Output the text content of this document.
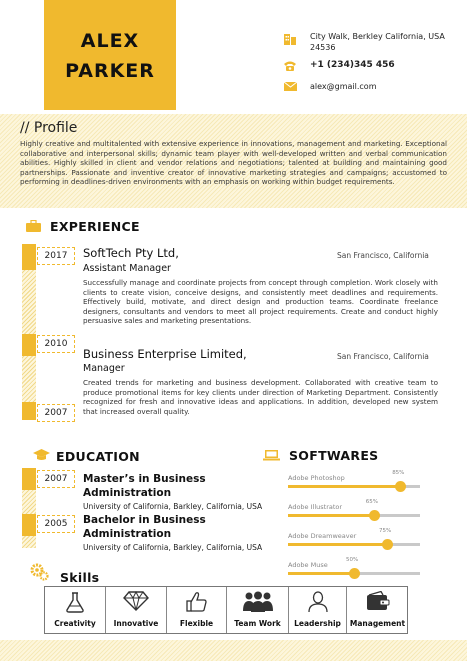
ALEX
PARKER
City Walk, Berkley California, USA
24536
+1 (234)345 456
alex@gmail.com
// Profile
Highly creative and multitalented with extensive experience in innovations, management and marketing. Exceptional collaborative and interpersonal skills; dynamic team player with well-developed written and verbal communication abilities. Highly skilled in client and vendor relations and negotiations; talented at building and maintaining good partnerships. Passionate and inventive creator of innovative marketing strategies and campaigns; accustomed to performing in deadlines-driven environments with an emphasis on working within budget requirements.
EXPERIENCE
2017	SoftTech Pty Ltd,	San Francisco, California
Assistant Manager
Successfully manage and coordinate projects from concept through completion. Work closely with clients to create vision, conceive designs, and consistently meet deadlines and requirements. Effectively build, motivate, and direct design and production teams. Coordinate freelance designers, consultants and vendors to meet all project requirements. Create and conduct highly persuasive sales and marketing presentations.
2010
Business Enterprise Limited,	San Francisco, California
Manager
Created trends for marketing and business development. Collaborated with creative team to produce promotional items for key clients under direction of Marketing Department. Consistently recognized for fresh and innovative ideas and applications. In addition, developed new system that increased overall quality.
2007
EDUCATION
2007	Master’s in Business
Administration
University of California, Barkley, California, USA
2005	Bachelor in Business
Administration
University of California, Barkley, California, USA
SOFTWARES
Adobe Photoshop
85%
Adobe Illustrator
65%
Adobe Dreamweaver
75%
Adobe Muse
50%
Skills
Creativity	Innovative	Flexible	Team Work	Leadership	Management
